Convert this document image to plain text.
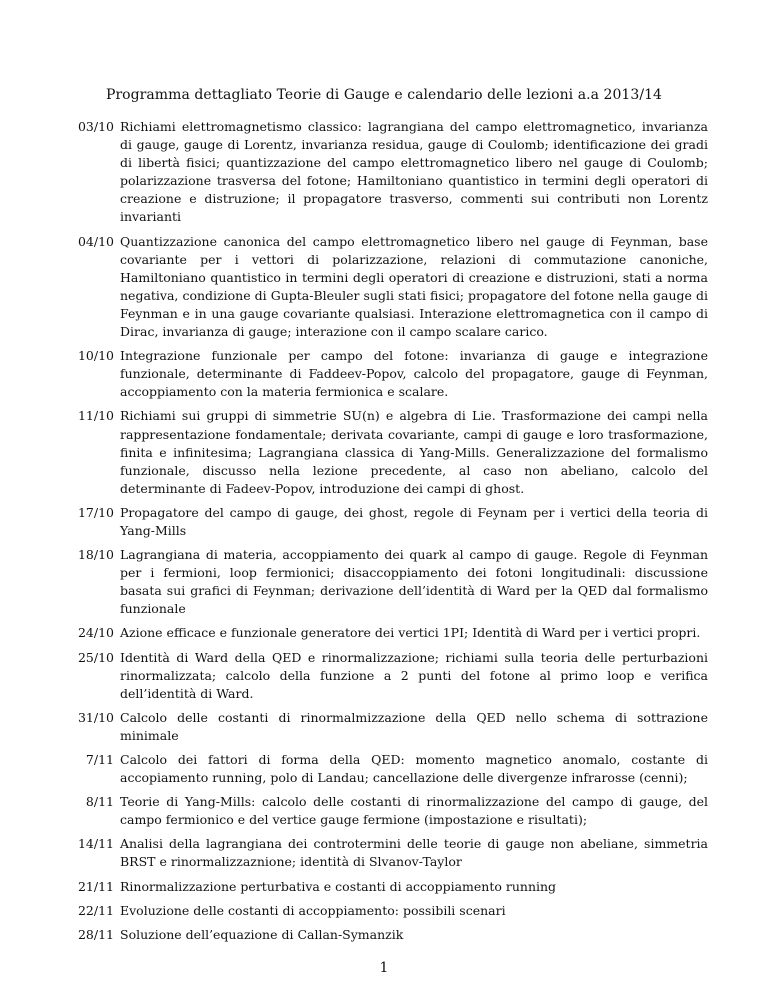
Programma dettagliato Teorie di Gauge e calendario delle lezioni a.a 2013/14
03/10 Richiami elettromagnetismo classico: lagrangiana del campo elettromagnetico, invarianza di gauge, gauge di Lorentz, invarianza residua, gauge di Coulomb; identificazione dei gradi di libertà fisici; quantizzazione del campo elettromagnetico libero nel gauge di Coulomb; polarizzazione trasversa del fotone; Hamiltoniano quantistico in termini degli operatori di creazione e distruzione; il propagatore trasverso, commenti sui contributi non Lorentz invarianti
04/10 Quantizzazione canonica del campo elettromagnetico libero nel gauge di Feynman, base covariante per i vettori di polarizzazione, relazioni di commutazione canoniche, Hamiltoniano quantistico in termini degli operatori di creazione e distruzioni, stati a norma negativa, condizione di Gupta-Bleuler sugli stati fisici; propagatore del fotone nella gauge di Feynman e in una gauge covariante qualsiasi. Interazione elettromagnetica con il campo di Dirac, invarianza di gauge; interazione con il campo scalare carico.
10/10 Integrazione funzionale per campo del fotone: invarianza di gauge e integrazione funzionale, determinante di Faddeev-Popov, calcolo del propagatore, gauge di Feynman, accoppiamento con la materia fermionica e scalare.
11/10 Richiami sui gruppi di simmetrie SU(n) e algebra di Lie. Trasformazione dei campi nella rappresentazione fondamentale; derivata covariante, campi di gauge e loro trasformazione, finita e infinitesima; Lagrangiana classica di Yang-Mills. Generalizzazione del formalismo funzionale, discusso nella lezione precedente, al caso non abeliano, calcolo del determinante di Fadeev-Popov, introduzione dei campi di ghost.
17/10 Propagatore del campo di gauge, dei ghost, regole di Feynam per i vertici della teoria di Yang-Mills
18/10 Lagrangiana di materia, accoppiamento dei quark al campo di gauge. Regole di Feynman per i fermioni, loop fermionici; disaccoppiamento dei fotoni longitudinali: discussione basata sui grafici di Feynman; derivazione dell’identità di Ward per la QED dal formalismo funzionale
24/10 Azione efficace e funzionale generatore dei vertici 1PI; Identità di Ward per i vertici propri.
25/10 Identità di Ward della QED e rinormalizzazione; richiami sulla teoria delle perturbazioni rinormalizzata; calcolo della funzione a 2 punti del fotone al primo loop e verifica dell’identità di Ward.
31/10 Calcolo delle costanti di rinormalmizzazione della QED nello schema di sottrazione minimale
7/11 Calcolo dei fattori di forma della QED: momento magnetico anomalo, costante di accopiamento running, polo di Landau; cancellazione delle divergenze infrarosse (cenni);
8/11 Teorie di Yang-Mills: calcolo delle costanti di rinormalizzazione del campo di gauge, del campo fermionico e del vertice gauge fermione (impostazione e risultati);
14/11 Analisi della lagrangiana dei controtermini delle teorie di gauge non abeliane, simmetria BRST e rinormalizzaznione; identità di Slvanov-Taylor
21/11 Rinormalizzazione perturbativa e costanti di accoppiamento running
22/11 Evoluzione delle costanti di accoppiamento: possibili scenari
28/11 Soluzione dell’equazione di Callan-Symanzik
1
